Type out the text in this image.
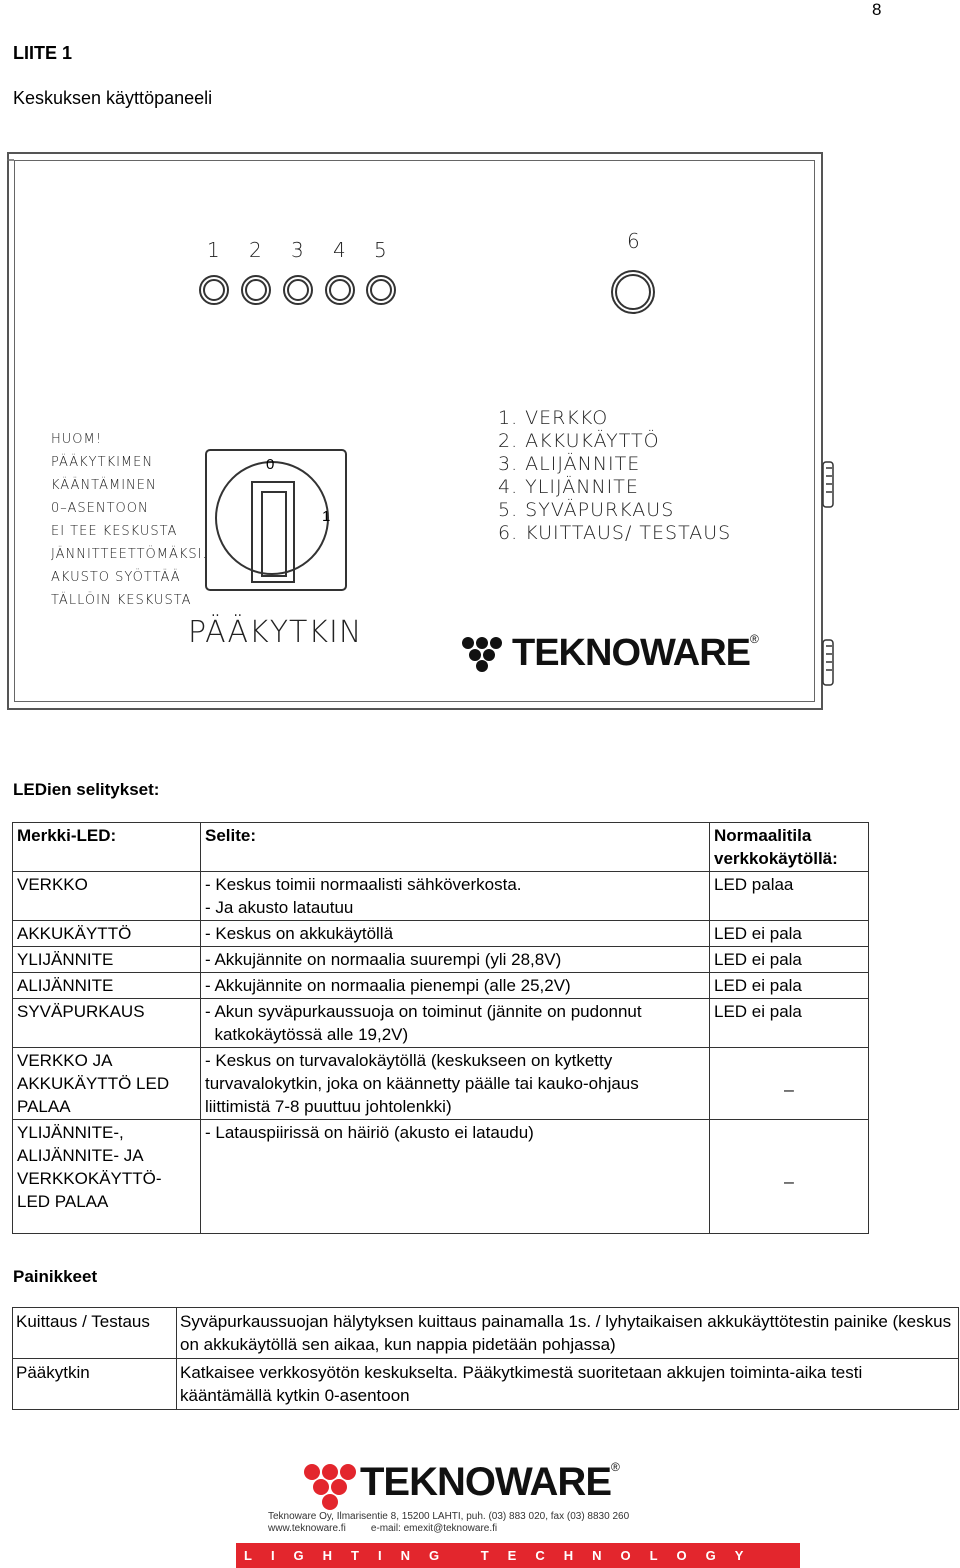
8
LIITE 1
Keskuksen käyttöpaneeli
1 2 3 4 5	6
1. VERKKO
2. AKKUKÄYTTÖ
3. ALIJÄNNITE
4. YLIJÄNNITE
5. SYVÄPURKAUS
6. KUITTAUS/ TESTAUS
HUOM!
PÄÄKYTKIMEN
KÄÄNTÄMINEN
0–ASENTOON
EI TEE KESKUSTA
JÄNNITTEETTÖMÄKSI.
AKUSTO SYÖTTÄÄ
TÄLLÖIN KESKUSTA
0
1
PÄÄKYTKIN	TEKNOWARE®
LEDien selitykset:
Merkki-LED:	Selite:	Normaalitila verkkokäytöllä:
VERKKO	- Keskus toimii normaalisti sähköverkosta.
- Ja akusto latautuu	LED palaa
AKKUKÄYTTÖ	- Keskus on akkukäytöllä	LED ei pala
YLIJÄNNITE	- Akkujännite on normaalia suurempi (yli 28,8V)	LED ei pala
ALIJÄNNITE	- Akkujännite on normaalia pienempi (alle 25,2V)	LED ei pala
SYVÄPURKAUS	- Akun syväpurkaussuoja on toiminut (jännite on pudonnut
katkokäytössä alle 19,2V)	LED ei pala
VERKKO JA
AKKUKÄYTTÖ LED
PALAA	- Keskus on turvavalokäytöllä (keskukseen on kytketty
turvavalokytkin, joka on käännetty päälle tai kauko-ohjaus
liittimistä 7-8 puuttuu johtolenkki)	_

YLIJÄNNITE-,
ALIJÄNNITE- JA
VERKKOKÄYTTÖ-
LED PALAA	- Latauspiirissä on häiriö (akusto ei lataudu)	_
Painikkeet
Kuittaus / Testaus	Syväpurkaussuojan hälytyksen kuittaus painamalla 1s. / lyhytaikaisen akkukäyttötestin painike (keskus on akkukäytöllä sen aikaa, kun nappia pidetään pohjassa)
Pääkytkin	Katkaisee verkkosyötön keskukselta. Pääkytkimestä suoritetaan akkujen toiminta-aika testi kääntämällä kytkin 0-asentoon
TEKNOWARE®
Teknoware Oy, Ilmarisentie 8, 15200 LAHTI, puh. (03) 883 020, fax (03) 8830 260
www.teknoware.fi	e-mail: emexit@teknoware.fi
LIGHTING TECHNOLOGY
